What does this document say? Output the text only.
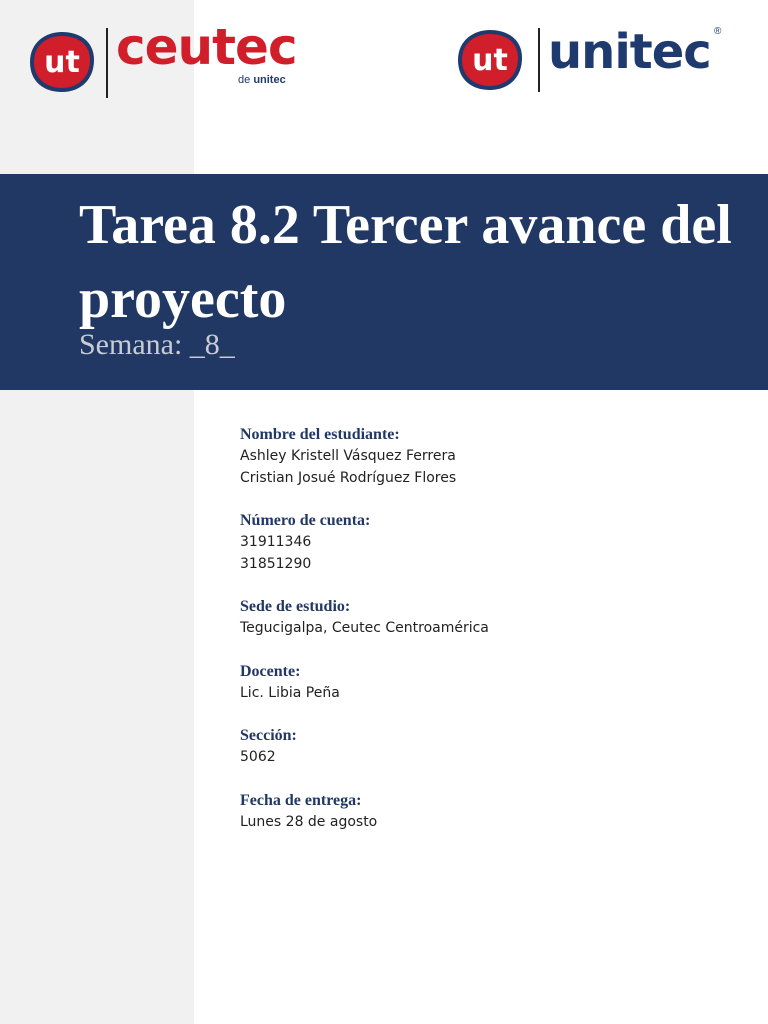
ut ceutec
de unitec
ut unitec ®
Tarea 8.2 Tercer avance del proyecto

Semana: _8_

Nombre del estudiante:
Ashley Kristell Vásquez Ferrera
Cristian Josué Rodríguez Flores
Número de cuenta:
31911346
31851290
Sede de estudio:
Tegucigalpa, Ceutec Centroamérica
Docente:
Lic. Libia Peña
Sección:
5062
Fecha de entrega:
Lunes 28 de agosto
